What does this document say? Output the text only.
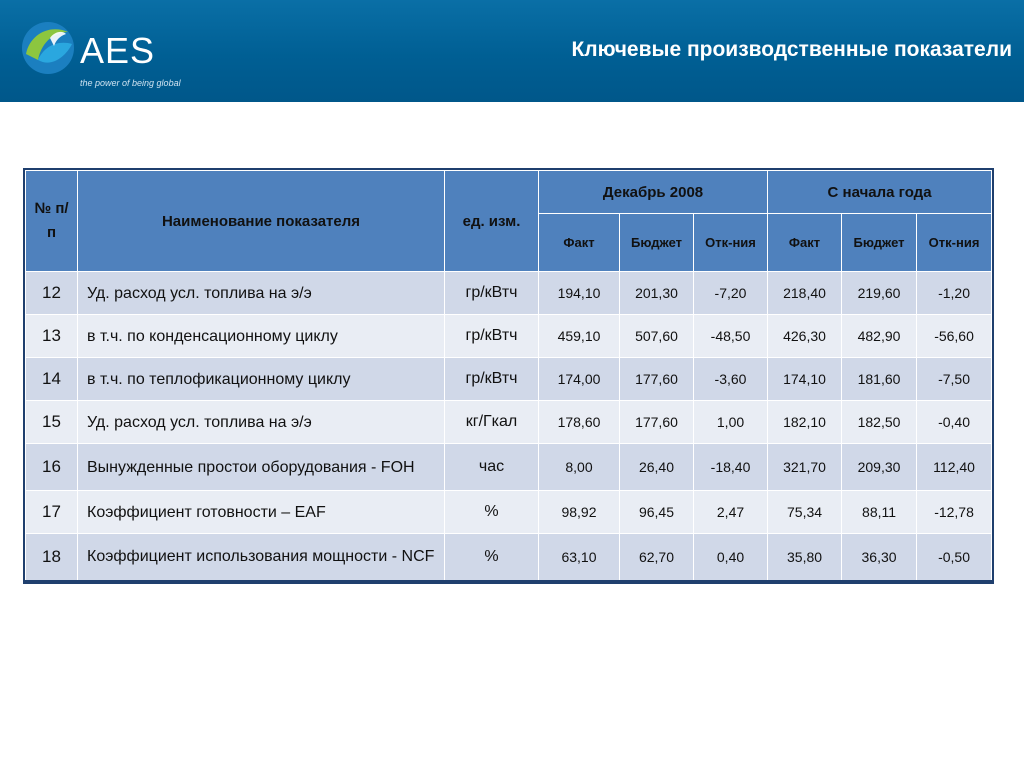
AES
the power of being global
Ключевые производственные показатели
№ п/п	Наименование показателя	ед. изм.	Декабрь 2008			С начала года		
			Факт	Бюджет	Отк-ния	Факт	Бюджет	Отк-ния
12	Уд. расход усл. топлива на э/э	гр/кВтч	194,10	201,30	-7,20	218,40	219,60	-1,20
13	в т.ч. по конденсационному циклу	гр/кВтч	459,10	507,60	-48,50	426,30	482,90	-56,60
14	в т.ч. по теплофикационному циклу	гр/кВтч	174,00	177,60	-3,60	174,10	181,60	-7,50
15	Уд. расход усл. топлива на э/э	кг/Гкал	178,60	177,60	1,00	182,10	182,50	-0,40
16	Вынужденные простои оборудования - FOH	час	8,00	26,40	-18,40	321,70	209,30	112,40
17	Коэффициент готовности – EAF	%	98,92	96,45	2,47	75,34	88,11	-12,78
18	Коэффициент использования мощности - NCF	%	63,10	62,70	0,40	35,80	36,30	-0,50
